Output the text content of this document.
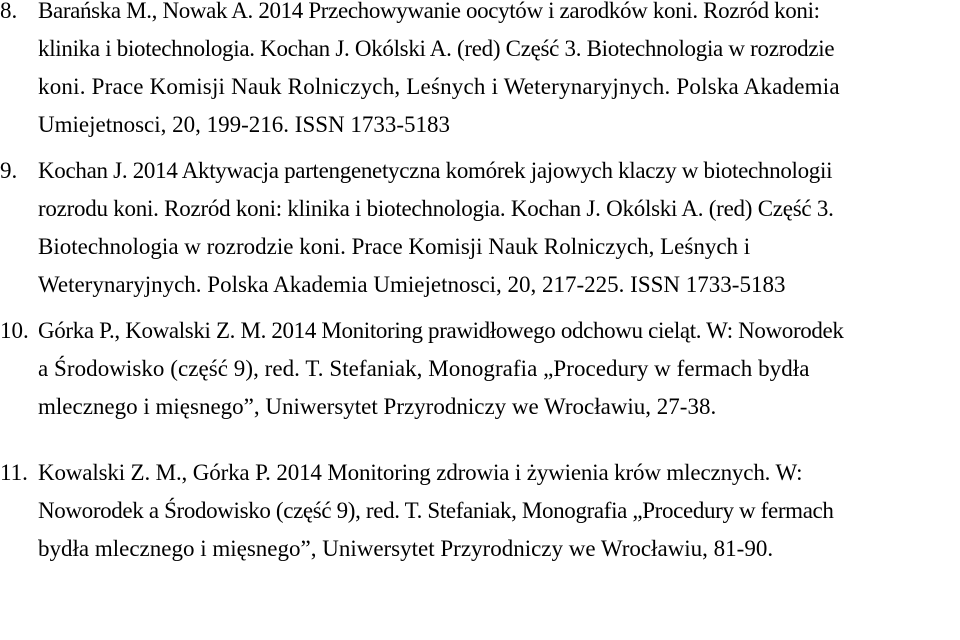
8. Barańska M., Nowak A. 2014 Przechowywanie oocytów i zarodków koni. Rozród koni:
klinika i biotechnologia. Kochan J. Okólski A. (red) Część 3. Biotechnologia w rozrodzie
koni. Prace Komisji Nauk Rolniczych, Leśnych i Weterynaryjnych. Polska Akademia
Umiejetnosci, 20, 199-216. ISSN 1733-5183
9. Kochan J. 2014 Aktywacja partengenetyczna komórek jajowych klaczy w biotechnologii
rozrodu koni. Rozród koni: klinika i biotechnologia. Kochan J. Okólski A. (red) Część 3.
Biotechnologia w rozrodzie koni. Prace Komisji Nauk Rolniczych, Leśnych i
Weterynaryjnych. Polska Akademia Umiejetnosci, 20, 217-225. ISSN 1733-5183
10. Górka P., Kowalski Z. M. 2014 Monitoring prawidłowego odchowu cieląt. W: Noworodek
a Środowisko (część 9), red. T. Stefaniak, Monografia „Procedury w fermach bydła
mlecznego i mięsnego”, Uniwersytet Przyrodniczy we Wrocławiu, 27-38.
11. Kowalski Z. M., Górka P. 2014 Monitoring zdrowia i żywienia krów mlecznych. W:
Noworodek a Środowisko (część 9), red. T. Stefaniak, Monografia „Procedury w fermach
bydła mlecznego i mięsnego”, Uniwersytet Przyrodniczy we Wrocławiu, 81-90.
